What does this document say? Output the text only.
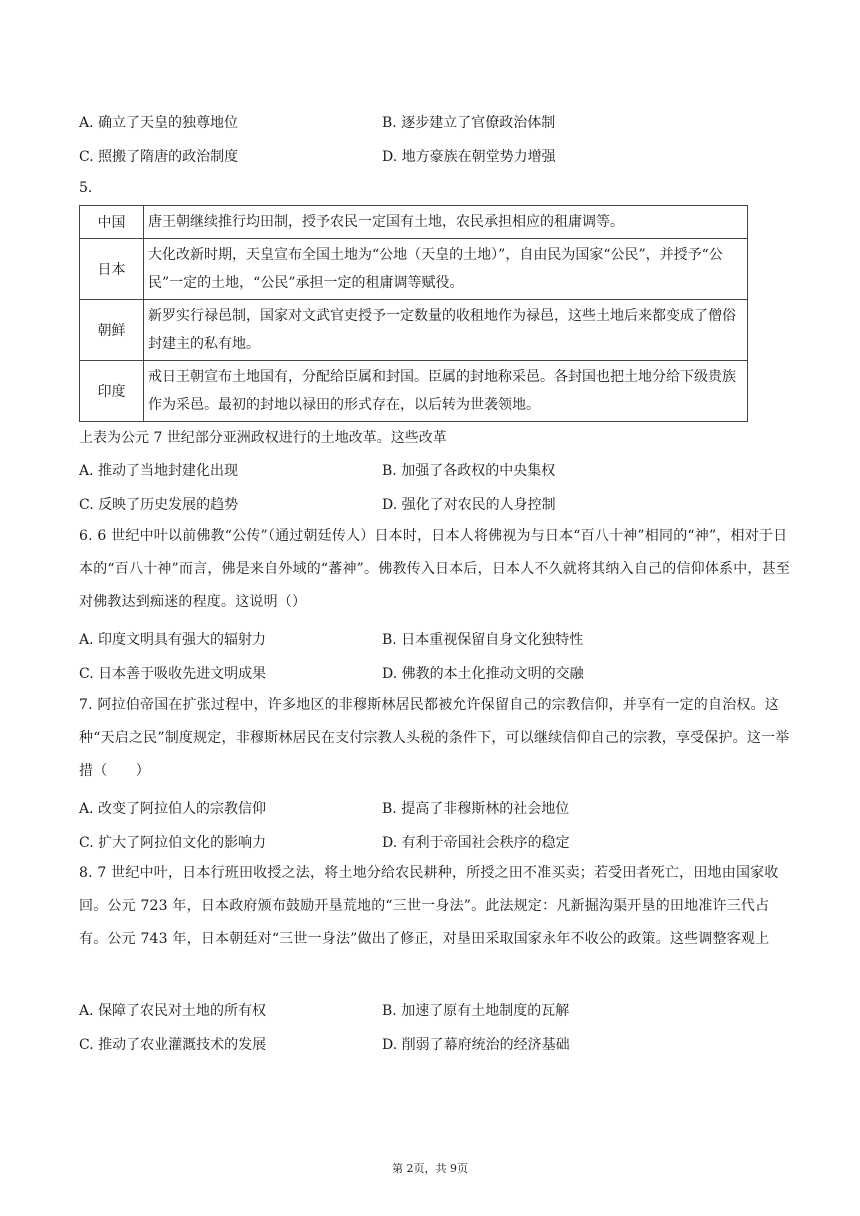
A. 确立了天皇的独尊地位	B. 逐步建立了官僚政治体制
C. 照搬了隋唐的政治制度	D. 地方豪族在朝堂势力增强
5.
中国	唐王朝继续推行均田制，授予农民一定国有土地，农民承担相应的租庸调等。
日本	大化改新时期，天皇宣布全国土地为“公地（天皇的土地）”，自由民为国家“公民”，并授予“公民”一定的土地，“公民”承担一定的租庸调等赋役。
朝鲜	新罗实行禄邑制，国家对文武官吏授予一定数量的收租地作为禄邑，这些土地后来都变成了僧俗封建主的私有地。
印度	戒日王朝宣布土地国有，分配给臣属和封国。臣属的封地称采邑。各封国也把土地分给下级贵族作为采邑。最初的封地以禄田的形式存在，以后转为世袭领地。
上表为公元 7 世纪部分亚洲政权进行的土地改革。这些改革
A. 推动了当地封建化出现	B. 加强了各政权的中央集权
C. 反映了历史发展的趋势	D. 强化了对农民的人身控制
6. 6 世纪中叶以前佛教“公传”（通过朝廷传人）日本时，日本人将佛视为与日本“百八十神”相同的“神”，相对于日本的“百八十神”而言，佛是来自外域的“蕃神”。佛教传入日本后，日本人不久就将其纳入自己的信仰体系中，甚至对佛教达到痴迷的程度。这说明（）
A. 印度文明具有强大的辐射力	B. 日本重视保留自身文化独特性
C. 日本善于吸收先进文明成果	D. 佛教的本土化推动文明的交融
7. 阿拉伯帝国在扩张过程中，许多地区的非穆斯林居民都被允许保留自己的宗教信仰，并享有一定的自治权。这种“天启之民”制度规定，非穆斯林居民在支付宗教人头税的条件下，可以继续信仰自己的宗教，享受保护。这一举措（　　）
A. 改变了阿拉伯人的宗教信仰	B. 提高了非穆斯林的社会地位
C. 扩大了阿拉伯文化的影响力	D. 有利于帝国社会秩序的稳定
8. 7 世纪中叶，日本行班田收授之法，将土地分给农民耕种，所授之田不准买卖；若受田者死亡，田地由国家收回。公元 723 年，日本政府颁布鼓励开垦荒地的“三世一身法”。此法规定：凡新掘沟渠开垦的田地准许三代占有。公元 743 年，日本朝廷对“三世一身法”做出了修正，对垦田采取国家永年不收公的政策。这些调整客观上
A. 保障了农民对土地的所有权	B. 加速了原有土地制度的瓦解
C. 推动了农业灌溉技术的发展	D. 削弱了幕府统治的经济基础
第 2页，共 9页
